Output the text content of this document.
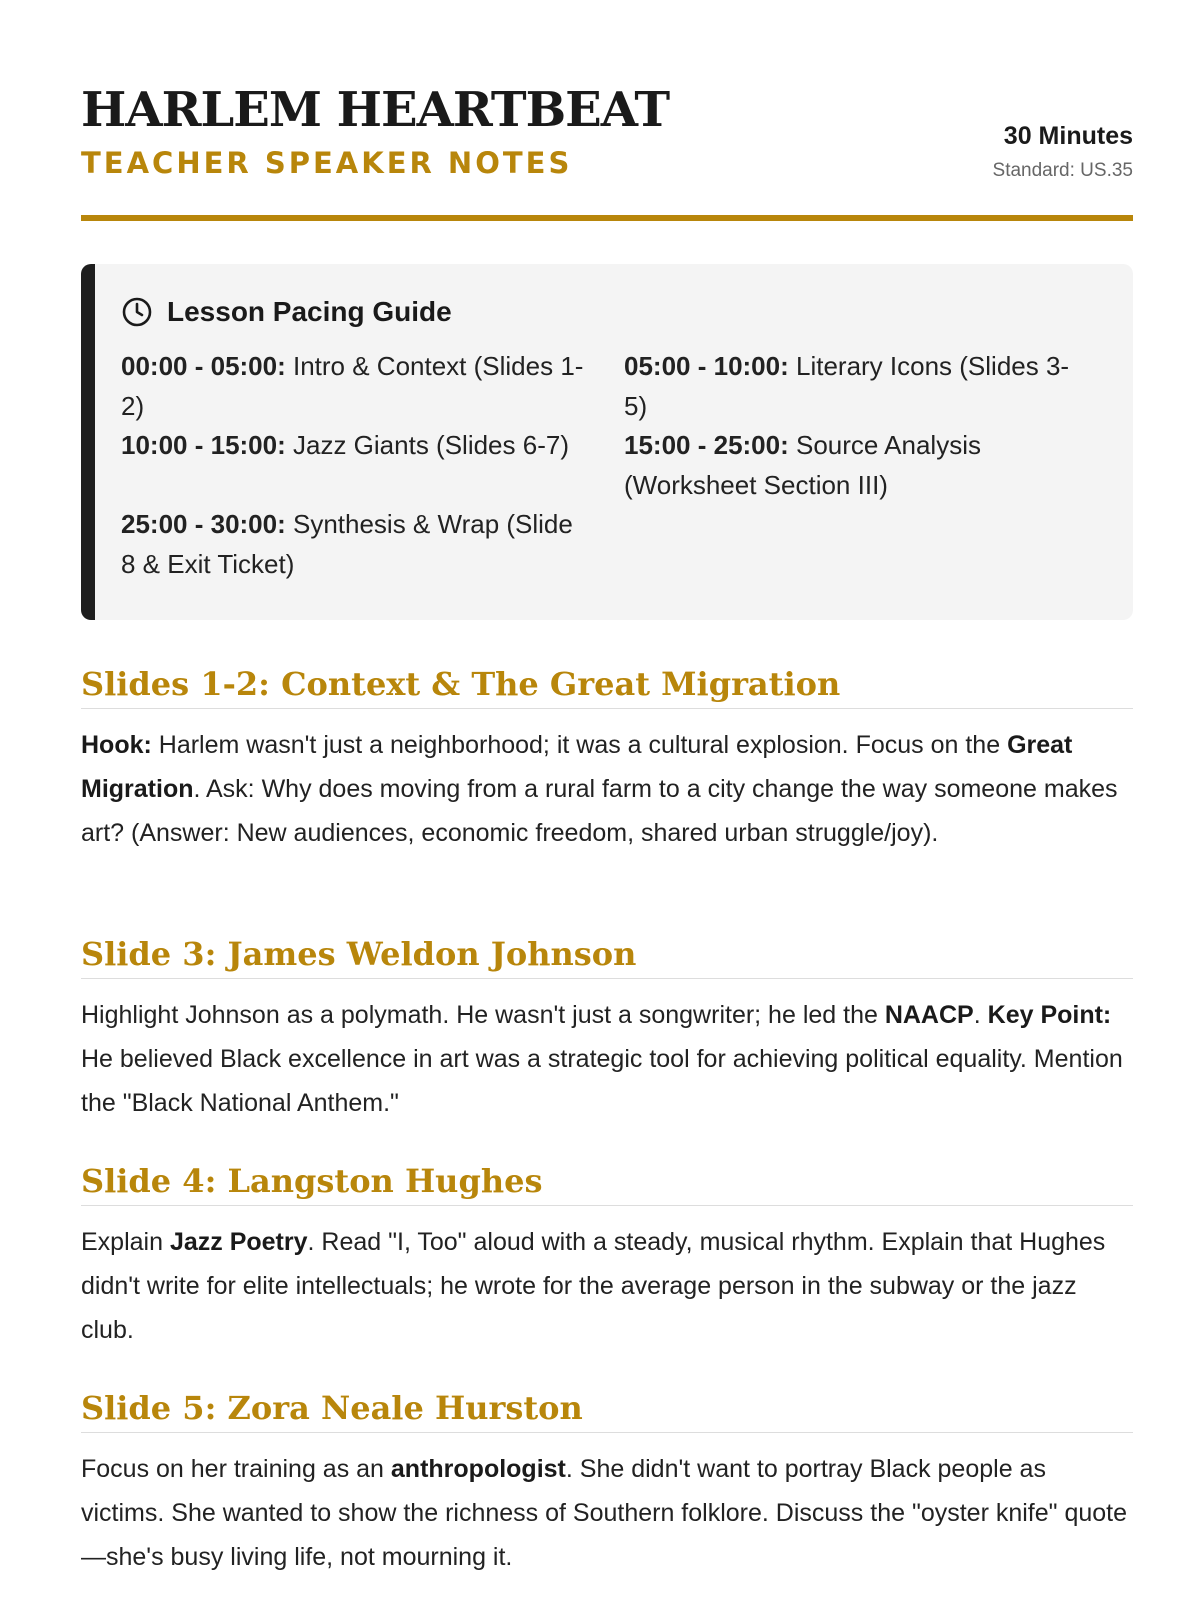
HARLEM HEARTBEAT
TEACHER SPEAKER NOTES
30 Minutes
Standard: US.35
Lesson Pacing Guide
00:00 - 05:00: Intro & Context (Slides 1-2)
05:00 - 10:00: Literary Icons (Slides 3-5)
10:00 - 15:00: Jazz Giants (Slides 6-7)	15:00 - 25:00: Source Analysis (Worksheet Section III)
25:00 - 30:00: Synthesis & Wrap (Slide 8 & Exit Ticket)
Slides 1-2: Context & The Great Migration

Hook: Harlem wasn't just a neighborhood; it was a cultural explosion. Focus on the Great Migration. Ask: Why does moving from a rural farm to a city change the way someone makes art? (Answer: New audiences, economic freedom, shared urban struggle/joy).

Slide 3: James Weldon Johnson

Highlight Johnson as a polymath. He wasn't just a songwriter; he led the NAACP. Key Point: He believed Black excellence in art was a strategic tool for achieving political equality. Mention the "Black National Anthem."

Slide 4: Langston Hughes

Explain Jazz Poetry. Read "I, Too" aloud with a steady, musical rhythm. Explain that Hughes didn't write for elite intellectuals; he wrote for the average person in the subway or the jazz club.

Slide 5: Zora Neale Hurston

Focus on her training as an anthropologist. She didn't want to portray Black people as victims. She wanted to show the richness of Southern folklore. Discuss the "oyster knife" quote—she's busy living life, not mourning it.
